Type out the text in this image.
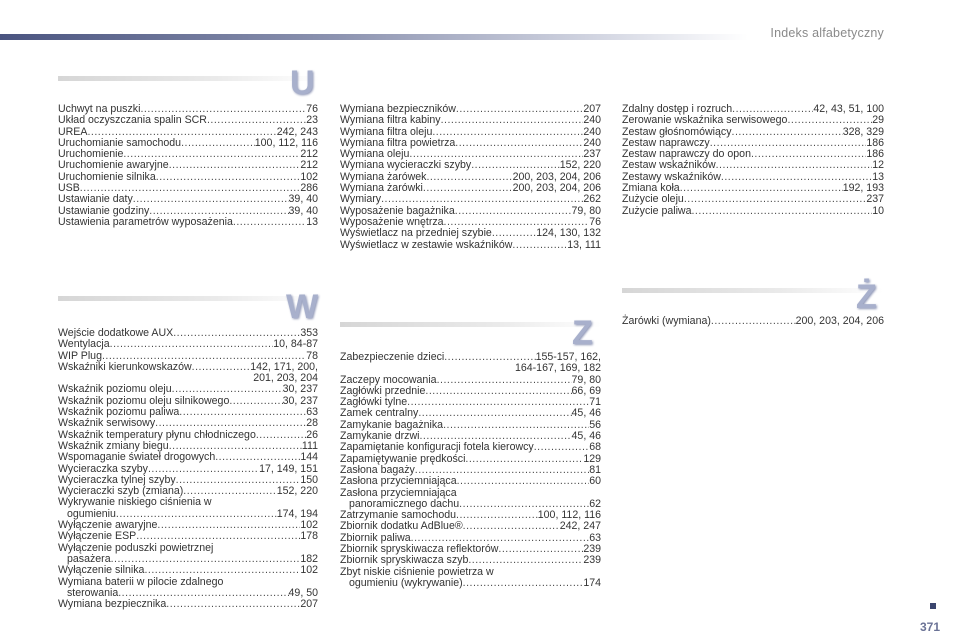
Indeks alfabetyczny
U
Uchwyt na puszki .....	76
Układ oczyszczania spalin SCR .....	23
UREA .....	242, 243
Uruchomianie samochodu .....	100, 112, 116
Uruchomienie .....	212
Uruchomienie awaryjne .....	212
Uruchomienie silnika .....	102
USB .....	286
Ustawianie daty .....	39, 40
Ustawianie godziny .....	39, 40
Ustawienia parametrów wyposażenia .....	13
Wymiana bezpieczników .....	207
Wymiana filtra kabiny .....	240
Wymiana filtra oleju .....	240
Wymiana filtra powietrza .....	240
Wymiana oleju .....	237
Wymiana wycieraczki szyby .....	152, 220
Wymiana żarówek .....	200, 203, 204, 206
Wymiana żarówki .....	200, 203, 204, 206
Wymiary .....	262
Wyposażenie bagażnika .....	79, 80
Wyposażenie wnętrza .....	76
Wyświetlacz na przedniej szybie .....	124, 130, 132
Wyświetlacz w zestawie wskaźników .....	13, 111
Zdalny dostęp i rozruch .....	42, 43, 51, 100
Zerowanie wskaźnika serwisowego .....	29
Zestaw głośnomówiący .....	328, 329
Zestaw naprawczy .....	186
Zestaw naprawczy do opon .....	186
Zestaw wskaźników .....	12
Zestawy wskaźników .....	13
Zmiana koła .....	192, 193
Zużycie oleju .....	237
Zużycie paliwa .....	10
W
Wejście dodatkowe AUX .....	353
Wentylacja .....	10, 84-87
WIP Plug .....	78
Wskaźniki kierunkowskazów .....	142, 171, 200,
201, 203, 204
Wskaźnik poziomu oleju .....	30, 237
Wskaźnik poziomu oleju silnikowego .....	30, 237
Wskaźnik poziomu paliwa .....	63
Wskaźnik serwisowy .....	28
Wskaźnik temperatury płynu chłodniczego .....	26
Wskaźnik zmiany biegu .....	111
Wspomaganie świateł drogowych .....	144
Wycieraczka szyby .....	17, 149, 151
Wycieraczka tylnej szyby .....	150
Wycieraczki szyb (zmiana) .....	152, 220
Wykrywanie niskiego ciśnienia w
ogumieniu .....	174, 194
Wyłączenie awaryjne .....	102
Wyłączenie ESP .....	178
Wyłączenie poduszki powietrznej
pasażera .....	182
Wyłączenie silnika .....	102
Wymiana baterii w pilocie zdalnego
sterowania .....	49, 50
Wymiana bezpiecznika .....	207
Z
Zabezpieczenie dzieci .....	155-157, 162,
164-167, 169, 182
Zaczepy mocowania .....	79, 80
Zagłówki przednie .....	66, 69
Zagłówki tylne .....	71
Zamek centralny .....	45, 46
Zamykanie bagażnika .....	56
Zamykanie drzwi .....	45, 46
Zapamiętanie konfiguracji fotela kierowcy .....	68
Zapamiętywanie prędkości .....	129
Zasłona bagaży .....	81
Zasłona przyciemniająca .....	60
Zasłona przyciemniająca
panoramicznego dachu .....	62
Zatrzymanie samochodu .....	100, 112, 116
Zbiornik dodatku AdBlue® .....	242, 247
Zbiornik paliwa .....	63
Zbiornik spryskiwacza reflektorów .....	239
Zbiornik spryskiwacza szyb .....	239
Zbyt niskie ciśnienie powietrza w
ogumieniu (wykrywanie) .....	174
Ż
Żarówki (wymiana) .....	200, 203, 204, 206
371
